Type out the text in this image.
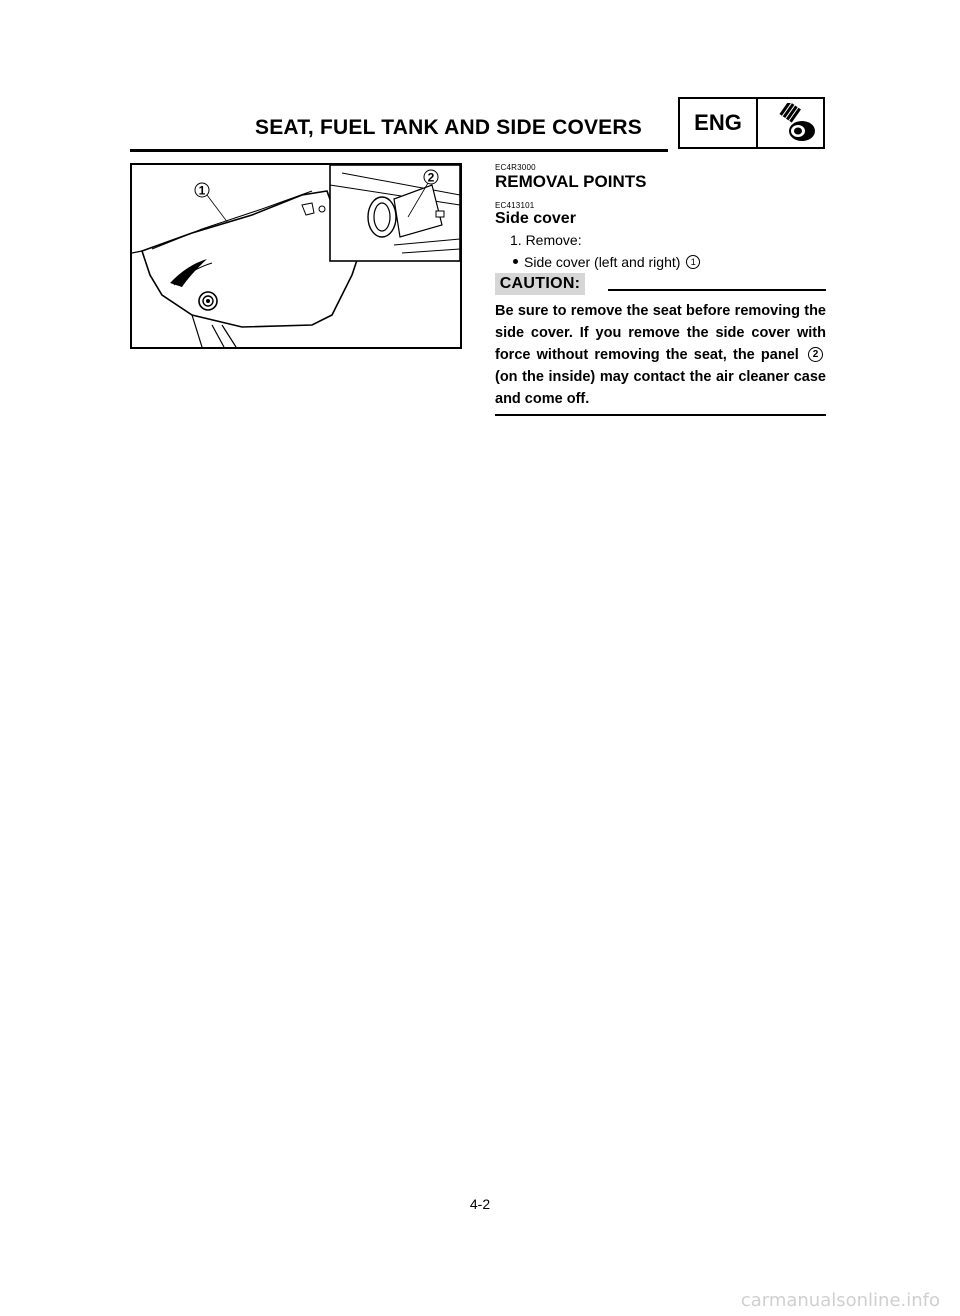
SEAT, FUEL TANK AND SIDE COVERS	ENG
1
2
EC4R3000
REMOVAL POINTS
EC413101
Side cover
1. Remove:
Side cover (left and right) 1
CAUTION:
Be sure to remove the seat before removing the side cover. If you remove the side cover with force without removing the seat, the panel 2 (on the inside) may contact the air cleaner case and come off.
4-2
carmanualsonline.info
